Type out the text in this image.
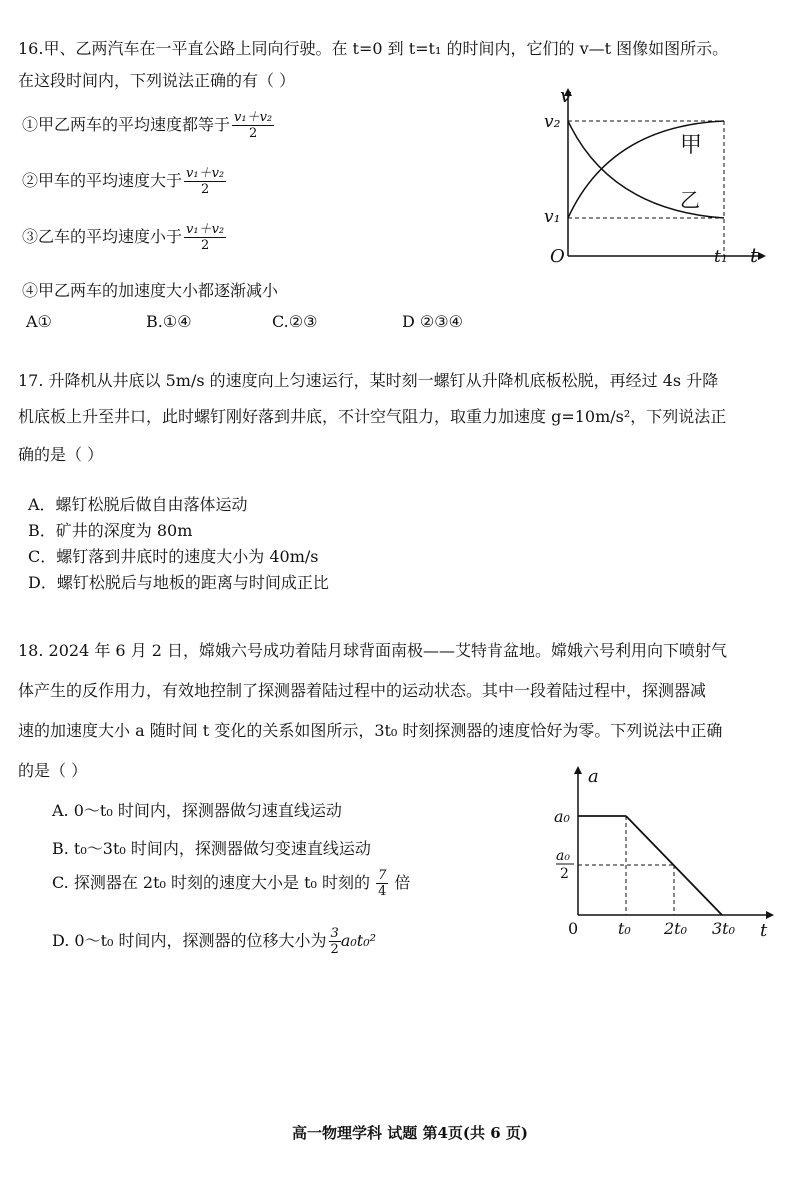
16.甲、乙两汽车在一平直公路上同向行驶。在 t=0 到 t=t₁ 的时间内，它们的 v—t 图像如图所示。
在这段时间内，下列说法正确的有（ ）
①甲乙两车的平均速度都等于 $\frac{\text{v₁＋v₂}}{2}$
②甲车的平均速度大于 $\frac{\text{v₁＋v₂}}{2}$
③乙车的平均速度小于 $\frac{\text{v₁＋v₂}}{2}$
④甲乙两车的加速度大小都逐渐减小
A①	B.①④	C.②③	D ②③④
v
t
O
v₂
v₁
t₁
甲
乙
17. 升降机从井底以 5m/s 的速度向上匀速运行，某时刻一螺钉从升降机底板松脱，再经过 4s 升降
机底板上升至井口，此时螺钉刚好落到井底，不计空气阻力，取重力加速度 g=10m/s²，下列说法正
确的是（ ）
A．螺钉松脱后做自由落体运动
B．矿井的深度为 80m
C．螺钉落到井底时的速度大小为 40m/s
D．螺钉松脱后与地板的距离与时间成正比
18. 2024 年 6 月 2 日，嫦娥六号成功着陆月球背面南极——艾特肯盆地。嫦娥六号利用向下喷射气
体产生的反作用力，有效地控制了探测器着陆过程中的运动状态。其中一段着陆过程中，探测器减
速的加速度大小 a 随时间 t 变化的关系如图所示，3t₀ 时刻探测器的速度恰好为零。下列说法中正确
的是（ ）
A. 0～t₀ 时间内，探测器做匀速直线运动
B. t₀～3t₀ 时间内，探测器做匀变速直线运动
C. 探测器在 2t₀ 时刻的速度大小是 t₀ 时刻的 $\frac{7}{4}$ 倍
D. 0～t₀ 时间内，探测器的位移大小为 $\frac{3}{2} a_0t_0^2$
a
t
0
a₀
a₀
2
t₀ 2t₀ 3t₀
高一物理学科 试题 第4页(共 6 页)
